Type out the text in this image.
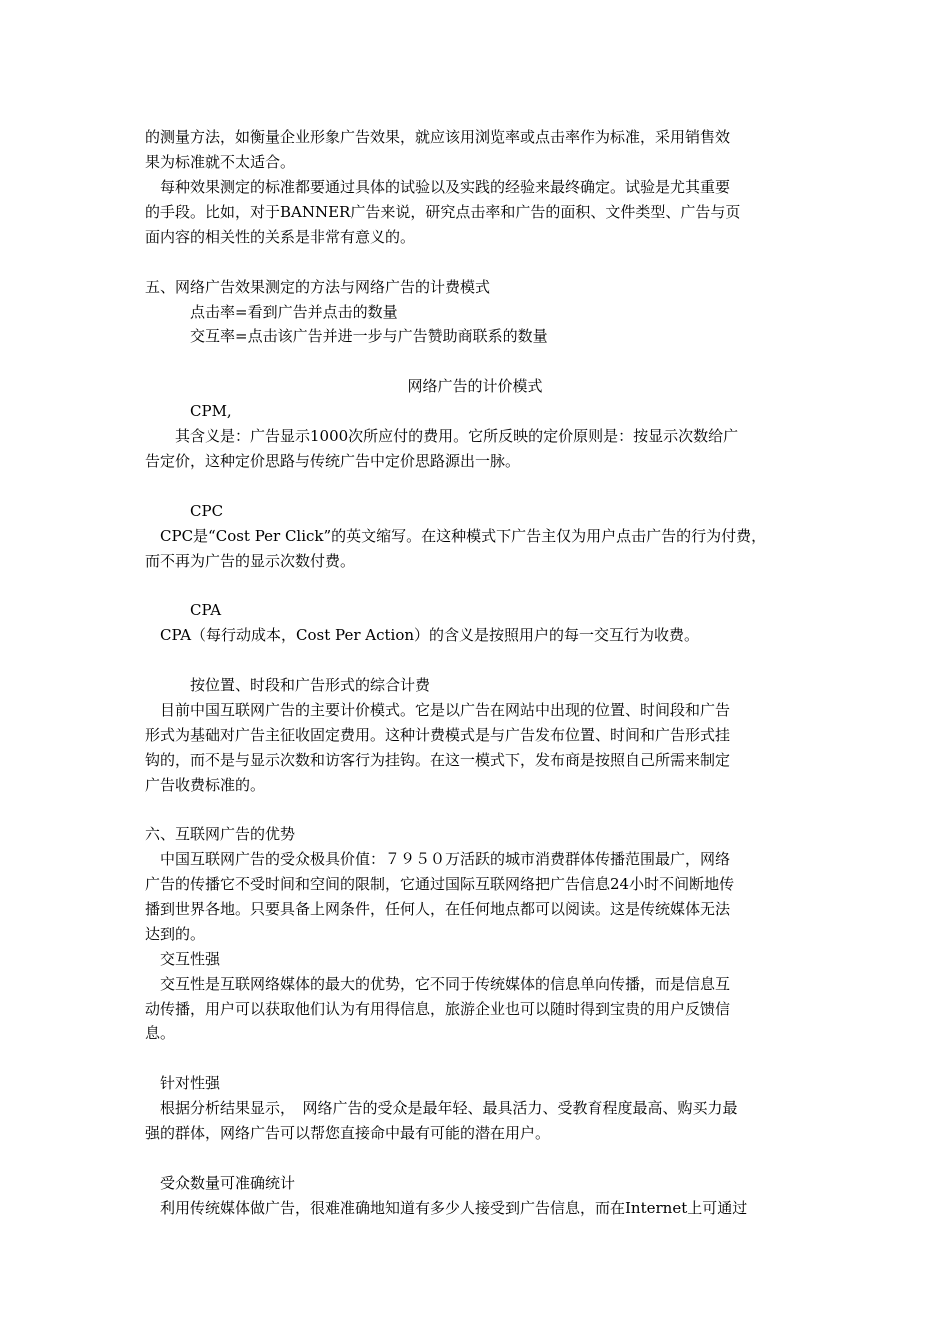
的测量方法，如衡量企业形象广告效果，就应该用浏览率或点击率作为标准，采用销售效
果为标准就不太适合。
　每种效果测定的标准都要通过具体的试验以及实践的经验来最终确定。试验是尤其重要
的手段。比如，对于BANNER广告来说，研究点击率和广告的面积、文件类型、广告与页
面内容的相关性的关系是非常有意义的。
五、网络广告效果测定的方法与网络广告的计费模式
　　　点击率=看到广告并点击的数量
　　　交互率=点击该广告并进一步与广告赞助商联系的数量
网络广告的计价模式
　　　CPM,
　　其含义是：广告显示1000次所应付的费用。它所反映的定价原则是：按显示次数给广
告定价，这种定价思路与传统广告中定价思路源出一脉。
　　　CPC
　CPC是“Cost Per Click”的英文缩写。在这种模式下广告主仅为用户点击广告的行为付费，
而不再为广告的显示次数付费。
　　　CPA
　CPA（每行动成本，Cost Per Action）的含义是按照用户的每一交互行为收费。
　　　按位置、时段和广告形式的综合计费
　目前中国互联网广告的主要计价模式。它是以广告在网站中出现的位置、时间段和广告
形式为基础对广告主征收固定费用。这种计费模式是与广告发布位置、时间和广告形式挂
钩的，而不是与显示次数和访客行为挂钩。在这一模式下，发布商是按照自己所需来制定
广告收费标准的。
六、互联网广告的优势
　中国互联网广告的受众极具价值：７９５０万活跃的城市消费群体传播范围最广，网络
广告的传播它不受时间和空间的限制，它通过国际互联网络把广告信息24小时不间断地传
播到世界各地。只要具备上网条件，任何人，在任何地点都可以阅读。这是传统媒体无法
达到的。
　交互性强
　交互性是互联网络媒体的最大的优势，它不同于传统媒体的信息单向传播，而是信息互
动传播，用户可以获取他们认为有用得信息，旅游企业也可以随时得到宝贵的用户反馈信
息。
　针对性强
　根据分析结果显示，　网络广告的受众是最年轻、最具活力、受教育程度最高、购买力最
强的群体，网络广告可以帮您直接命中最有可能的潜在用户。
　受众数量可准确统计
　利用传统媒体做广告，很难准确地知道有多少人接受到广告信息，而在Internet上可通过
